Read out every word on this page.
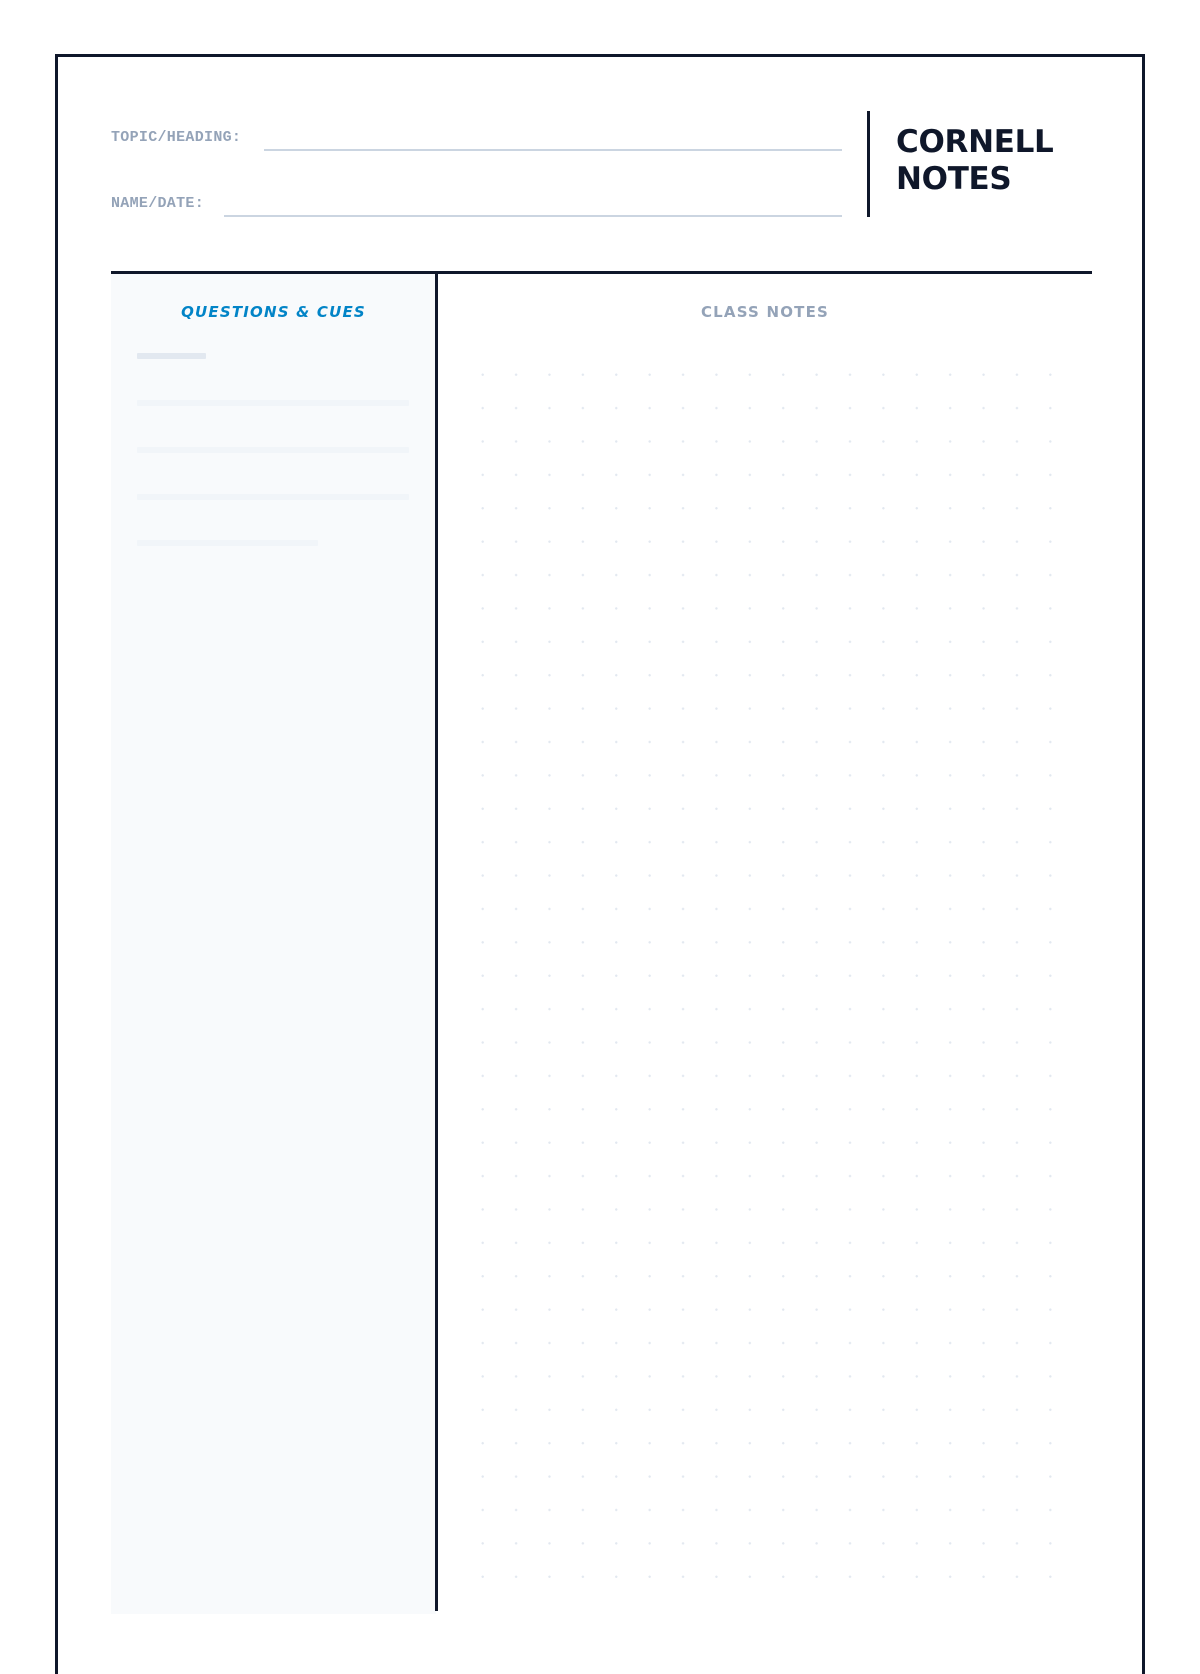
TOPIC/HEADING:
NAME/DATE:
CORNELL
NOTES
QUESTIONS & CUES	CLASS NOTES
